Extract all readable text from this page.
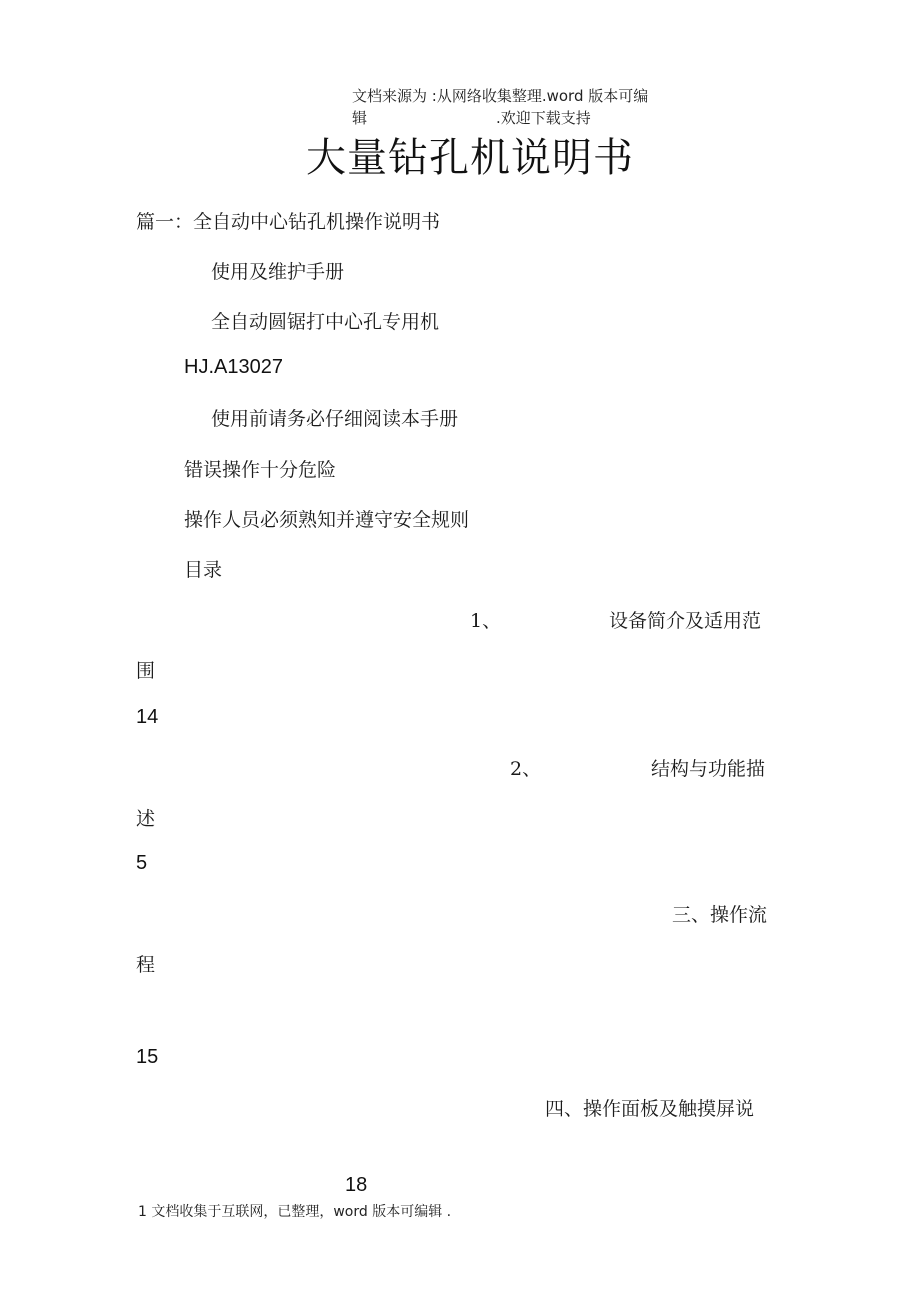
文档来源为 :从网络收集整理.word 版本可编
辑	.欢迎下载支持
大量钻孔机说明书
篇一：全自动中心钻孔机操作说明书
使用及维护手册
全自动圆锯打中心孔专用机
HJ.A13027
使用前请务必仔细阅读本手册
错误操作十分危险
操作人员必须熟知并遵守安全规则
目录
1、	设备简介及适用范
围
14
2、	结构与功能描
述
5
三、操作流
程
15
四、操作面板及触摸屏说
18
1 文档收集于互联网，已整理，word 版本可编辑 .
